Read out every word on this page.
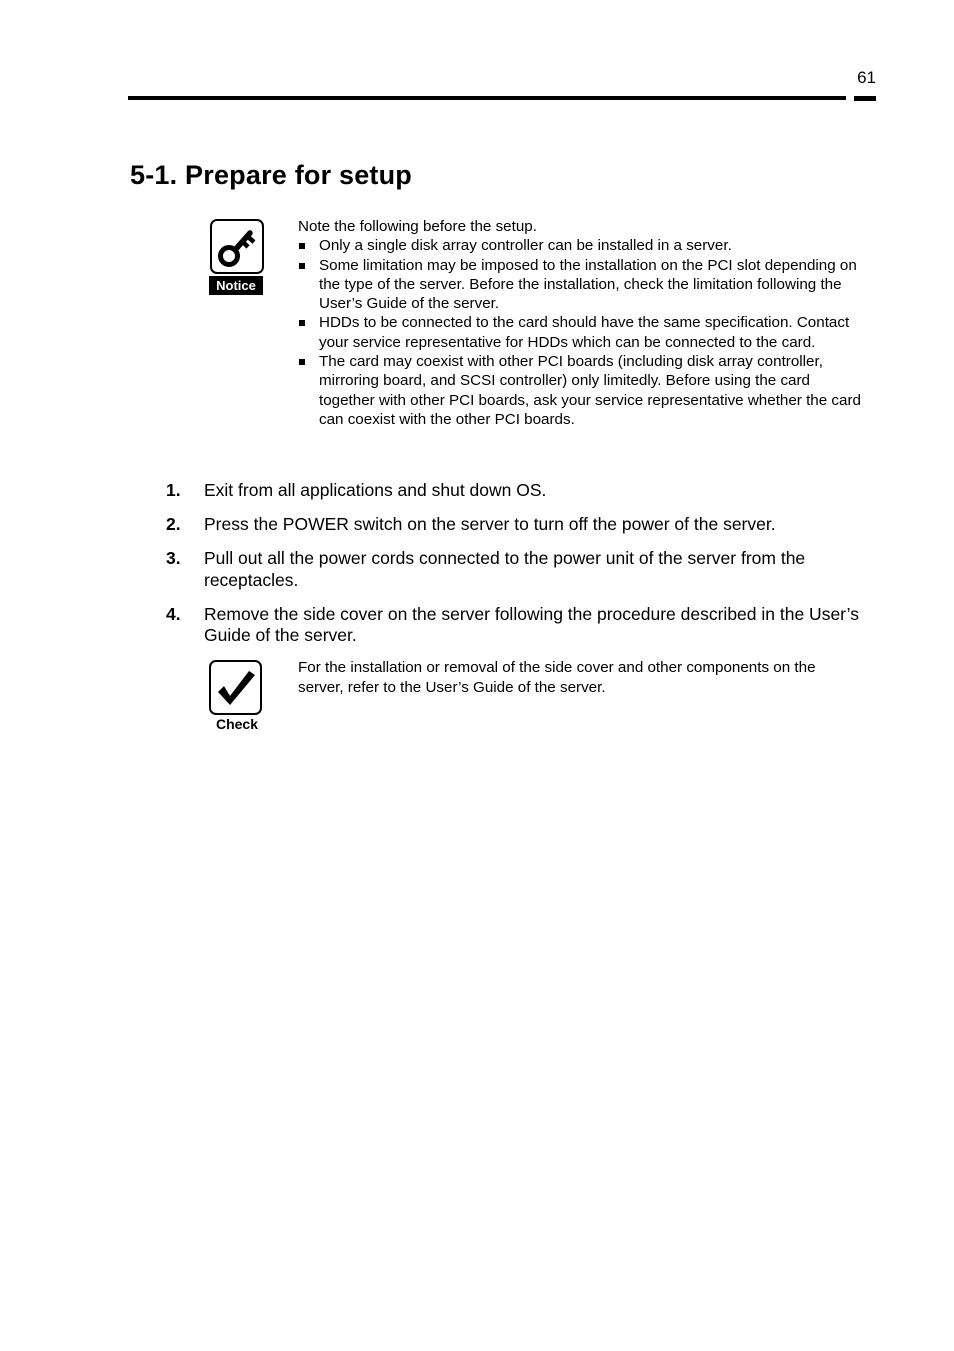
61
5-1. Prepare for setup
Notice

Note the following before the setup.

Only a single disk array controller can be installed in a server.
Some limitation may be imposed to the installation on the PCI slot depending on the type of the server. Before the installation, check the limitation following the User’s Guide of the server.
HDDs to be connected to the card should have the same specification. Contact your service representative for HDDs which can be connected to the card.
The card may coexist with other PCI boards (including disk array controller, mirroring board, and SCSI controller) only limitedly. Before using the card together with other PCI boards, ask your service representative whether the card can coexist with the other PCI boards.
1. Exit from all applications and shut down OS.
2. Press the POWER switch on the server to turn off the power of the server.
3. Pull out all the power cords connected to the power unit of the server from the receptacles.
4. Remove the side cover on the server following the procedure described in the User’s Guide of the server.
Check

For the installation or removal of the side cover and other components on the server, refer to the User’s Guide of the server.
